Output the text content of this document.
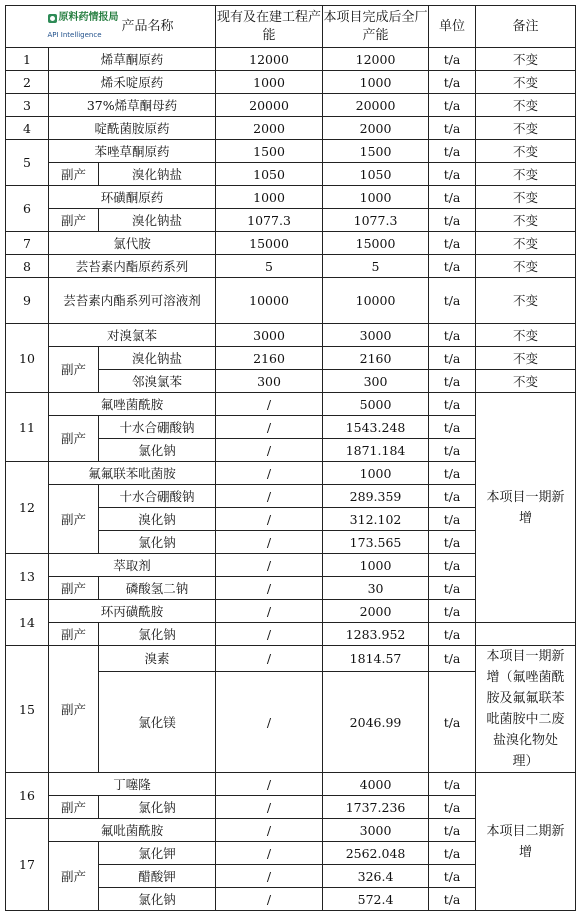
原料药情报局
API Intelligence
产品名称			现有及在建工程产能	本项目完成后全厂产能	单位	备注	
1	烯草酮原药		12000	12000	t/a	不变	
2	烯禾啶原药		1000	1000	t/a	不变	
3	37%烯草酮母药		20000	20000	t/a	不变	
4	啶酰菌胺原药		2000	2000	t/a	不变	
5	苯唑草酮原药		1500	1500	t/a	不变	
	副产	溴化钠盐	1050	1050	t/a	不变	
6	环磺酮原药		1000	1000	t/a	不变	
	副产	溴化钠盐	1077.3	1077.3	t/a	不变	
7	氯代胺		15000	15000	t/a	不变	
8	芸苔素内酯原药系列		5	5	t/a	不变	
9	芸苔素内酯系列可溶液剂		10000	10000	t/a	不变	
10	对溴氯苯		3000	3000	t/a	不变	
	副产	溴化钠盐	2160	2160	t/a	不变	
		邻溴氯苯	300	300	t/a	不变	
11	氟唑菌酰胺		/	5000	t/a	本项目一期新增	
	副产	十水合硼酸钠	/	1543.248	t/a		
		氯化钠	/	1871.184	t/a		
12	氟氟联苯吡菌胺		/	1000	t/a		
	副产	十水合硼酸钠	/	289.359	t/a		
		溴化钠	/	312.102	t/a		
		氯化钠	/	173.565	t/a		
13	萃取剂		/	1000	t/a		
	副产	磷酸氢二钠	/	30	t/a		
14	环丙磺酰胺		/	2000	t/a		
	副产	氯化钠	/	1283.952	t/a		
15	副产	溴素	/	1814.57	t/a	本项目一期新增（氟唑菌酰胺及氟氟联苯吡菌胺中二废盐溴化物处理）	
		氯化镁	/	2046.99	t/a		
16	丁噻隆		/	4000	t/a	本项目二期新增	
	副产	氯化钠	/	1737.236	t/a		
17	氟吡菌酰胺		/	3000	t/a		
	副产	氯化钾	/	2562.048	t/a		
		醋酸钾	/	326.4	t/a		
		氯化钠	/	572.4	t/a		
